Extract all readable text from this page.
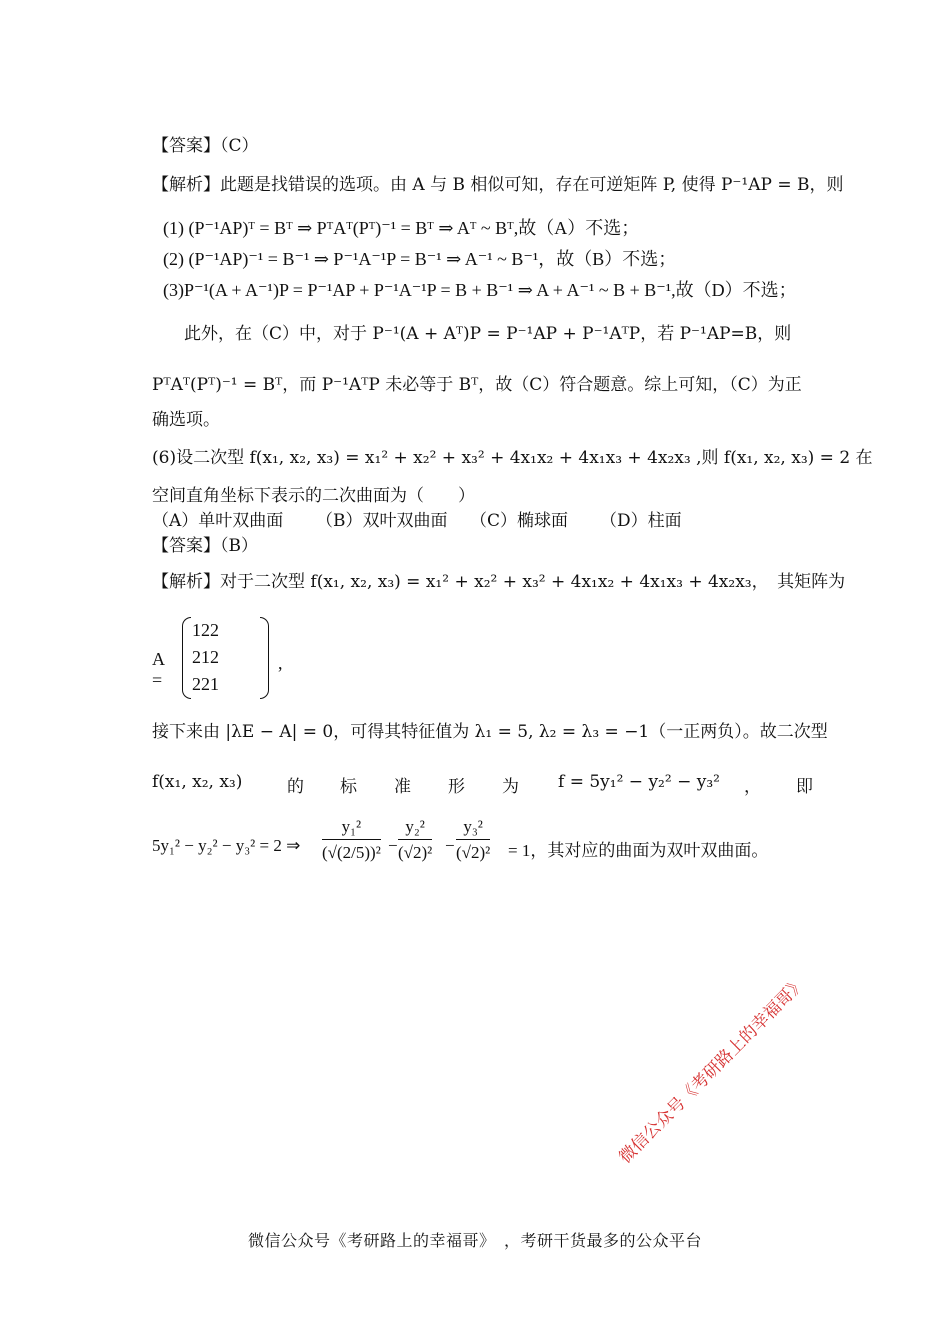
【答案】（C）
【解析】此题是找错误的选项。由 A 与 B 相似可知，存在可逆矩阵 P, 使得 P⁻¹AP = B，则
(1) (P⁻¹AP)ᵀ = Bᵀ ⇒ PᵀAᵀ(Pᵀ)⁻¹ = Bᵀ ⇒ Aᵀ ~ Bᵀ,故（A）不选；
(2) (P⁻¹AP)⁻¹ = B⁻¹ ⇒ P⁻¹A⁻¹P = B⁻¹ ⇒ A⁻¹ ~ B⁻¹，故（B）不选；
(3)P⁻¹(A + A⁻¹)P = P⁻¹AP + P⁻¹A⁻¹P = B + B⁻¹ ⇒ A + A⁻¹ ~ B + B⁻¹,故（D）不选；
此外，在（C）中，对于 P⁻¹(A + Aᵀ)P = P⁻¹AP + P⁻¹AᵀP，若 P⁻¹AP=B，则
PᵀAᵀ(Pᵀ)⁻¹ = Bᵀ，而 P⁻¹AᵀP 未必等于 Bᵀ，故（C）符合题意。综上可知，（C）为正
确选项。
(6)设二次型 f(x₁, x₂, x₃) = x₁² + x₂² + x₃² + 4x₁x₂ + 4x₁x₃ + 4x₂x₃ ,则 f(x₁, x₂, x₃) = 2 在
空间直角坐标下表示的二次曲面为（　　）
（A）单叶双曲面 （B）双叶双曲面 （C）椭球面 （D）柱面
【答案】（B）
【解析】对于二次型 f(x₁, x₂, x₃) = x₁² + x₂² + x₃² + 4x₁x₂ + 4x₁x₃ + 4x₂x₃，　其矩阵为
A =
1	2	2
2	1	2
2	2	1
,
接下来由 |λE − A| = 0，可得其特征值为 λ₁ = 5, λ₂ = λ₃ = −1（一正两负）。故二次型
f(x₁, x₂, x₃)	的 标 准 形 为 f = 5y₁² − y₂² − y₃² ， 即
5y₁² − y₂² − y₃² = 2 ⇒ $\frac{\text{y₁²}}{\text{(√(2/5))²}} - \frac{\text{y₂²}}{\text{(√2)²}} - \frac{\text{y₃²}}{\text{(√2)²}} = 1$，其对应的曲面为双叶双曲面。
微信公众号《考研路上的幸福哥》
微信公众号《考研路上的幸福哥》　，考研干货最多的公众平台
